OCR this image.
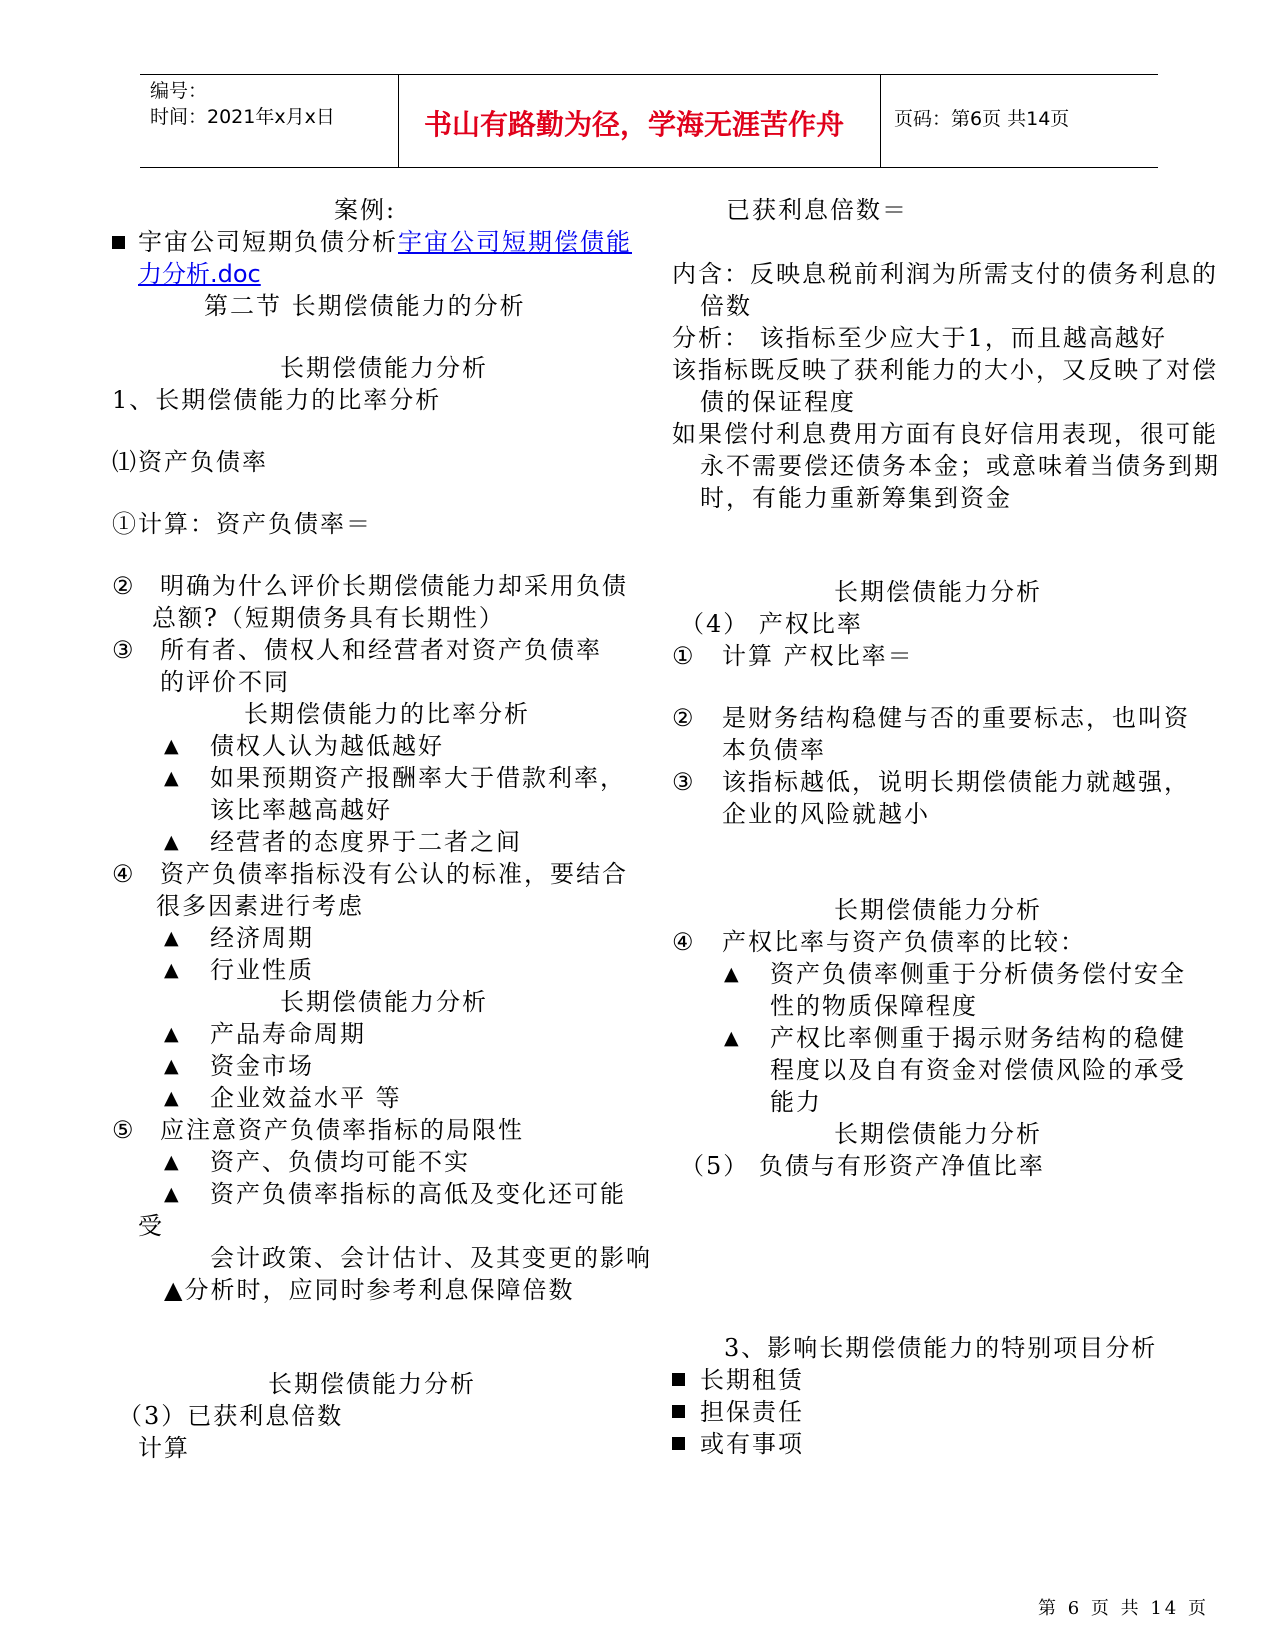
编号：
时间：2021年x月x日	书山有路勤为径，学海无涯苦作舟	页码：第6页 共14页
案例:
宇宙公司短期负债分析宇宙公司短期偿债能
力分析.doc
第二节 长期偿债能力的分析
长期偿债能力分析
1、长期偿债能力的比率分析
⑴资产负债率
①计算：资产负债率＝
② 明确为什么评价长期偿债能力却采用负债
总额?（短期债务具有长期性）
③ 所有者、债权人和经营者对资产负债率
的评价不同
长期偿债能力的比率分析
▲ 债权人认为越低越好
▲ 如果预期资产报酬率大于借款利率，
该比率越高越好
▲ 经营者的态度界于二者之间
④ 资产负债率指标没有公认的标准，要结合
很多因素进行考虑
▲ 经济周期
▲ 行业性质
长期偿债能力分析
▲ 产品寿命周期
▲ 资金市场
▲ 企业效益水平 等
⑤ 应注意资产负债率指标的局限性
▲ 资产、负债均可能不实
▲ 资产负债率指标的高低及变化还可能
受
会计政策、会计估计、及其变更的影响
▲分析时，应同时参考利息保障倍数
长期偿债能力分析
（3）已获利息倍数
计算
已获利息倍数＝
内含：反映息税前利润为所需支付的债务利息的
倍数
分析： 该指标至少应大于1，而且越高越好
该指标既反映了获利能力的大小，又反映了对偿
债的保证程度
如果偿付利息费用方面有良好信用表现，很可能
永不需要偿还债务本金；或意味着当债务到期
时，有能力重新筹集到资金
长期偿债能力分析
（4） 产权比率
① 计算 产权比率＝
② 是财务结构稳健与否的重要标志，也叫资
本负债率
③ 该指标越低，说明长期偿债能力就越强，
企业的风险就越小
长期偿债能力分析
④ 产权比率与资产负债率的比较：
▲ 资产负债率侧重于分析债务偿付安全
性的物质保障程度
▲ 产权比率侧重于揭示财务结构的稳健
程度以及自有资金对偿债风险的承受
能力
长期偿债能力分析
（5） 负债与有形资产净值比率
3、影响长期偿债能力的特别项目分析
长期租赁
担保责任
或有事项
第 6 页 共 14 页
